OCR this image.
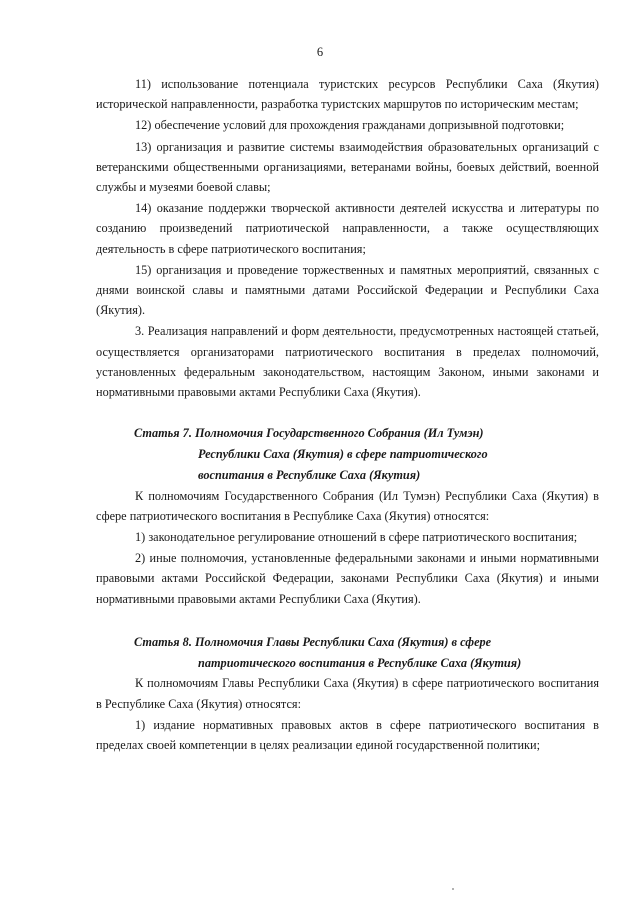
6

11) использование потенциала туристских ресурсов Республики Саха (Якутия) исторической направленности, разработка туристских маршрутов по историческим местам;

12) обеспечение условий для прохождения гражданами допризывной подготовки;

13) организация и развитие системы взаимодействия образовательных организаций с ветеранскими общественными организациями, ветеранами войны, боевых действий, военной службы и музеями боевой славы;

14) оказание поддержки творческой активности деятелей искусства и литературы по созданию произведений патриотической направленности, а также осуществляющих деятельность в сфере патриотического воспитания;

15) организация и проведение торжественных и памятных мероприятий, связанных с днями воинской славы и памятными датами Российской Федерации и Республики Саха (Якутия).

3. Реализация направлений и форм деятельности, предусмотренных настоящей статьей, осуществляется организаторами патриотического воспитания в пределах полномочий, установленных федеральным законодательством, настоящим Законом, иными законами и нормативными правовыми актами Республики Саха (Якутия).

Статья 7. Полномочия Государственного Собрания (Ил Тумэн)
Республики Саха (Якутия) в сфере патриотического
воспитания в Республике Саха (Якутия)

К полномочиям Государственного Собрания (Ил Тумэн) Республики Саха (Якутия) в сфере патриотического воспитания в Республике Саха (Якутия) относятся:

1) законодательное регулирование отношений в сфере патриотического воспитания;

2) иные полномочия, установленные федеральными законами и иными нормативными правовыми актами Российской Федерации, законами Республики Саха (Якутия) и иными нормативными правовыми актами Республики Саха (Якутия).

Статья 8. Полномочия Главы Республики Саха (Якутия) в сфере
патриотического воспитания в Республике Саха (Якутия)

К полномочиям Главы Республики Саха (Якутия) в сфере патриотического воспитания в Республике Саха (Якутия) относятся:

1) издание нормативных правовых актов в сфере патриотического воспитания в пределах своей компетенции в целях реализации единой государственной политики;
